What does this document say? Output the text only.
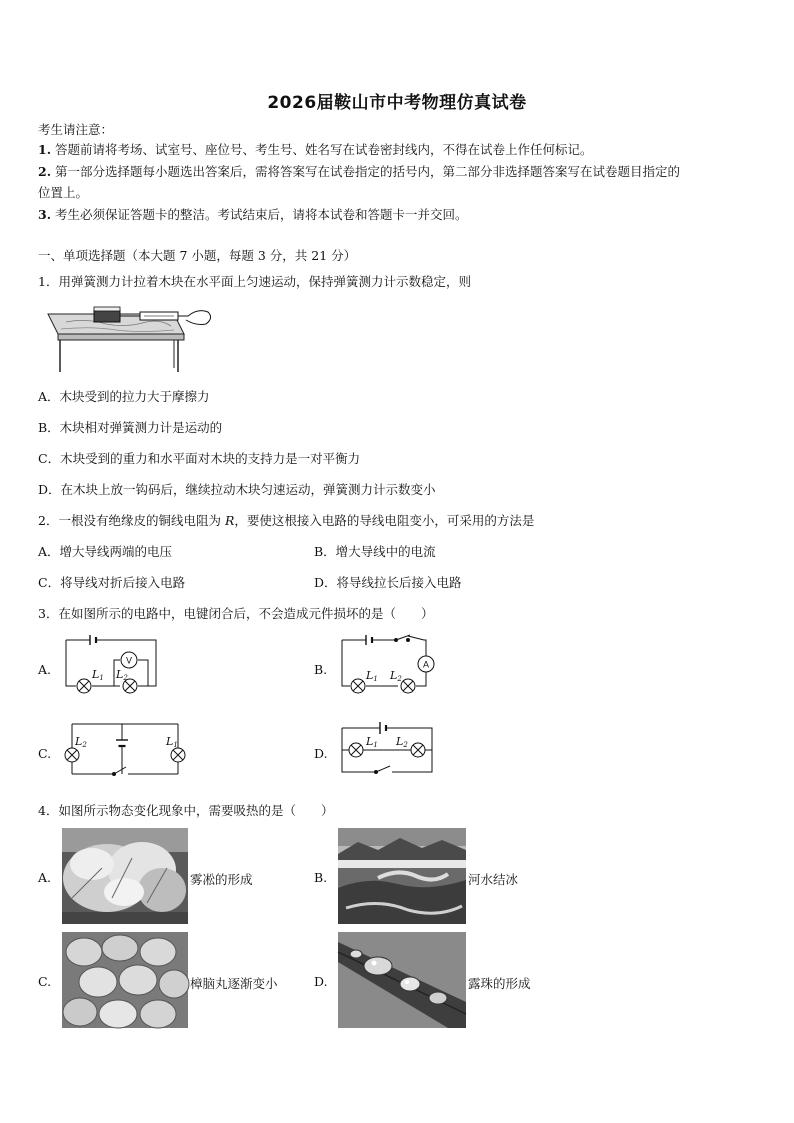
2026届鞍山市中考物理仿真试卷
考生请注意：
1. 答题前请将考场、试室号、座位号、考生号、姓名写在试卷密封线内，不得在试卷上作任何标记。
2. 第一部分选择题每小题选出答案后，需将答案写在试卷指定的括号内，第二部分非选择题答案写在试卷题目指定的
位置上。
3. 考生必须保证答题卡的整洁。考试结束后，请将本试卷和答题卡一并交回。
一、单项选择题（本大题 7 小题，每题 3 分，共 21 分）
1．用弹簧测力计拉着木块在水平面上匀速运动，保持弹簧测力计示数稳定，则
A．木块受到的拉力大于摩擦力
B．木块相对弹簧测力计是运动的
C．木块受到的重力和水平面对木块的支持力是一对平衡力
D．在木块上放一钩码后，继续拉动木块匀速运动，弹簧测力计示数变小
2．一根没有绝缘皮的铜线电阻为 R，要使这根接入电路的导线电阻变小，可采用的方法是
A．增大导线两端的电压	B．增大导线中的电流
C．将导线对折后接入电路	D．将导线拉长后接入电路
3．在如图所示的电路中，电键闭合后，不会造成元件损坏的是（　　）
A.
V
L1 L2
B.	A
L1 L2
C.
L2	L1
D.
L1 L2
4．如图所示物态变化现象中，需要吸热的是（　　）
A.	雾凇的形成	B.	河水结冰
C.	樟脑丸逐渐变小	D.	露珠的形成
